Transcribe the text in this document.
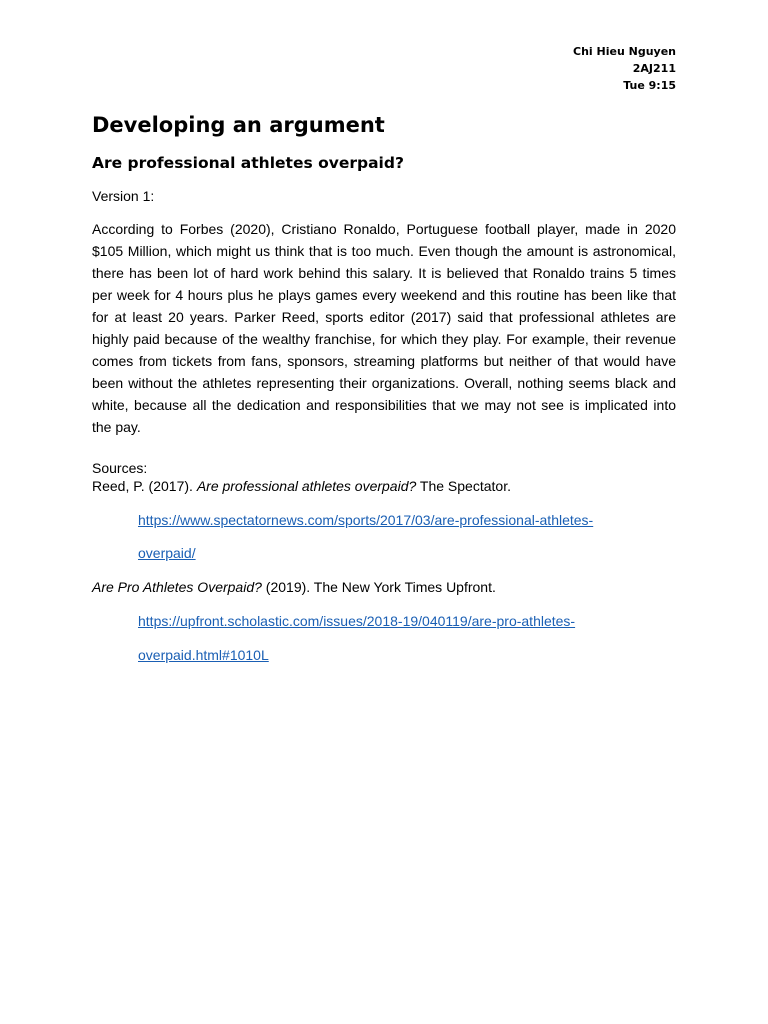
Chi Hieu Nguyen
2AJ211
Tue 9:15
Developing an argument
Are professional athletes overpaid?

Version 1:

According to Forbes (2020), Cristiano Ronaldo, Portuguese football player, made in 2020 $105 Million, which might us think that is too much. Even though the amount is astronomical, there has been lot of hard work behind this salary. It is believed that Ronaldo trains 5 times per week for 4 hours plus he plays games every weekend and this routine has been like that for at least 20 years. Parker Reed, sports editor (2017) said that professional athletes are highly paid because of the wealthy franchise, for which they play. For example, their revenue comes from tickets from fans, sponsors, streaming platforms but neither of that would have been without the athletes representing their organizations. Overall, nothing seems black and white, because all the dedication and responsibilities that we may not see is implicated into the pay.

Sources:

Reed, P. (2017). Are professional athletes overpaid? The Spectator.

https://www.spectatornews.com/sports/2017/03/are-professional-athletes-
overpaid/

Are Pro Athletes Overpaid? (2019). The New York Times Upfront.

https://upfront.scholastic.com/issues/2018-19/040119/are-pro-athletes-
overpaid.html#1010L
